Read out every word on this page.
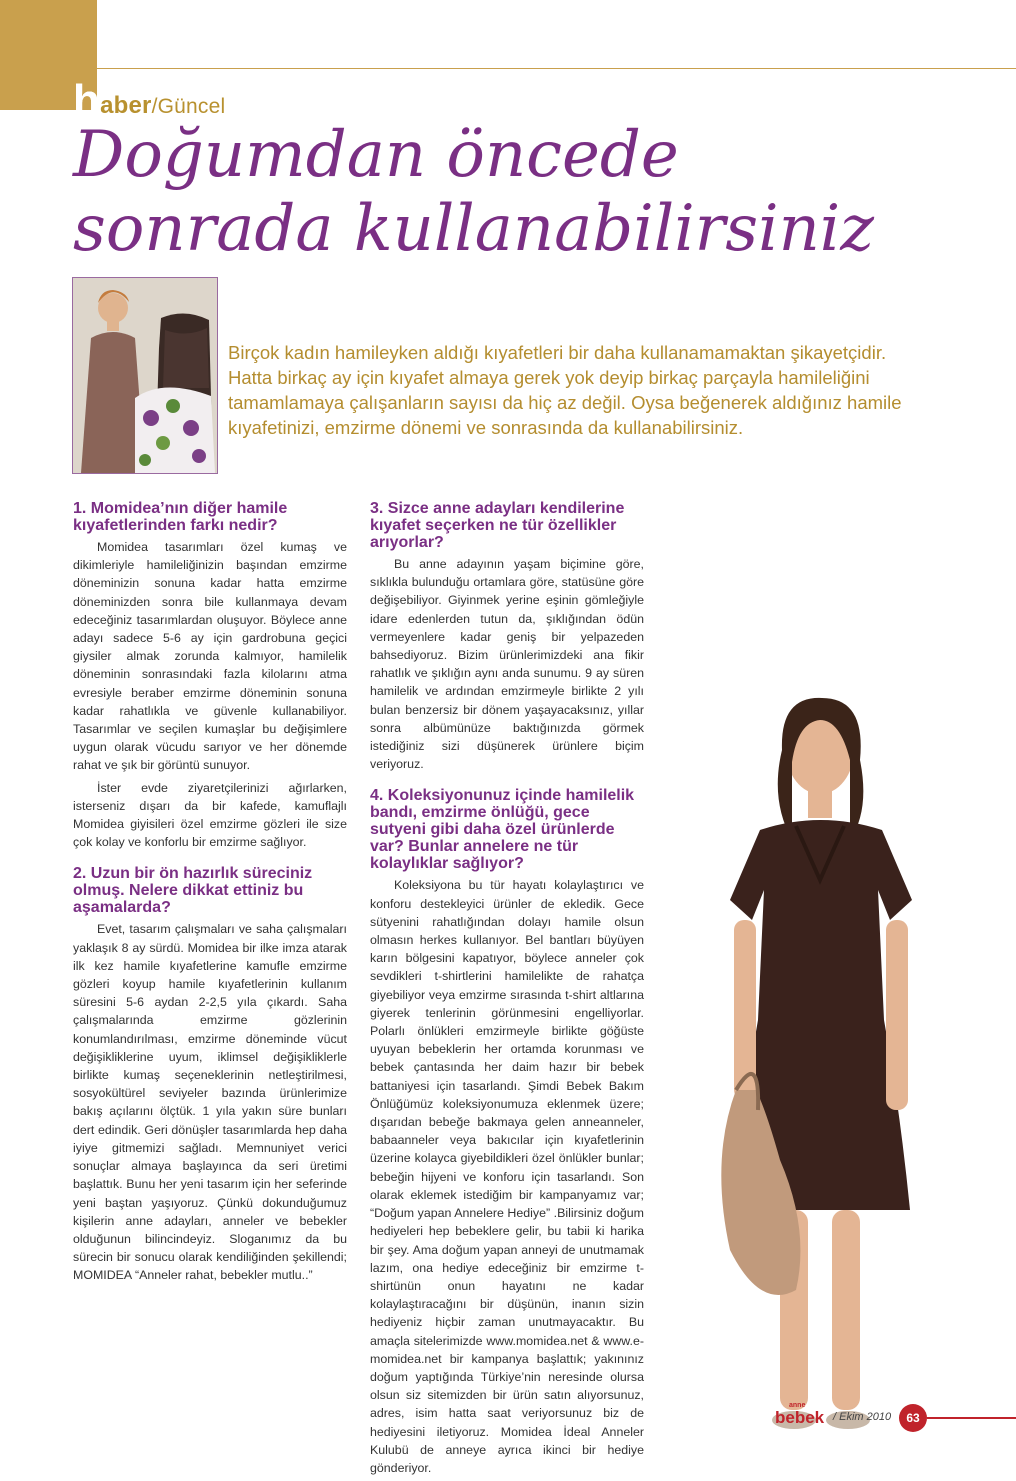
haber/Güncel
Doğumdan öncede
sonrada kullanabilirsiniz

Birçok kadın hamileyken aldığı kıyafetleri bir daha kullanamamaktan şikayetçidir. Hatta birkaç ay için kıyafet almaya gerek yok deyip birkaç parçayla hamileliğini tamamlamaya çalışanların sayısı da hiç az değil. Oysa beğenerek aldığınız hamile kıyafetinizi, emzirme dönemi ve sonrasında da kullanabilirsiniz.

1. Momidea’nın diğer hamile kıyafetlerinden farkı nedir?

Momidea tasarımları özel kumaş ve dikimleriyle hamileliğinizin başından emzirme döneminizin sonuna kadar hatta emzirme döneminizden sonra bile kullanmaya devam edeceğiniz tasarımlardan oluşuyor. Böylece anne adayı sadece 5-6 ay için gardrobuna geçici giysiler almak zorunda kalmıyor, hamilelik döneminin sonrasındaki fazla kilolarını atma evresiyle beraber emzirme döneminin sonuna kadar rahatlıkla ve güvenle kullanabiliyor. Tasarımlar ve seçilen kumaşlar bu değişimlere uygun olarak vücudu sarıyor ve her dönemde rahat ve şık bir görüntü sunuyor.

İster evde ziyaretçilerinizi ağırlarken, isterseniz dışarı da bir kafede, kamuflajlı Momidea giyisileri özel emzirme gözleri ile size çok kolay ve konforlu bir emzirme sağlıyor.

2. Uzun bir ön hazırlık süreciniz olmuş. Nelere dikkat ettiniz bu aşamalarda?

Evet, tasarım çalışmaları ve saha çalışmaları yaklaşık 8 ay sürdü. Momidea bir ilke imza atarak ilk kez hamile kıyafetlerine kamufle emzirme gözleri koyup hamile kıyafetlerinin kullanım süresini 5-6 aydan 2-2,5 yıla çıkardı. Saha çalışmalarında emzirme gözlerinin konumlandırılması, emzirme döneminde vücut değişikliklerine uyum, iklimsel değişikliklerle birlikte kumaş seçeneklerinin netleştirilmesi, sosyokültürel seviyeler bazında ürünlerimize bakış açılarını ölçtük. 1 yıla yakın süre bunları dert edindik. Geri dönüşler tasarımlarda hep daha iyiye gitmemizi sağladı. Memnuniyet verici sonuçlar almaya başlayınca da seri üretimi başlattık. Bunu her yeni tasarım için her seferinde yeni baştan yaşıyoruz. Çünkü dokunduğumuz kişilerin anne adayları, anneler ve bebekler olduğunun bilincindeyiz. Sloganımız da bu sürecin bir sonucu olarak kendiliğinden şekillendi; MOMIDEA “Anneler rahat, bebekler mutlu..”

3. Sizce anne adayları kendilerine kıyafet seçerken ne tür özellikler arıyorlar?

Bu anne adayının yaşam biçimine göre, sıklıkla bulunduğu ortamlara göre, statüsüne göre değişebiliyor. Giyinmek yerine eşinin gömleğiyle idare edenlerden tutun da, şıklığından ödün vermeyenlere kadar geniş bir yelpazeden bahsediyoruz. Bizim ürünlerimizdeki ana fikir rahatlık ve şıklığın aynı anda sunumu. 9 ay süren hamilelik ve ardından emzirmeyle birlikte 2 yılı bulan benzersiz bir dönem yaşayacaksınız, yıllar sonra albümünüze baktığınızda görmek istediğiniz sizi düşünerek ürünlere biçim veriyoruz.

4. Koleksiyonunuz içinde hamilelik bandı, emzirme önlüğü, gece sutyeni gibi daha özel ürünlerde var? Bunlar annelere ne tür kolaylıklar sağlıyor?

Koleksiyona bu tür hayatı kolaylaştırıcı ve konforu destekleyici ürünler de ekledik. Gece sütyenini rahatlığından dolayı hamile olsun olmasın herkes kullanıyor. Bel bantları büyüyen karın bölgesini kapatıyor, böylece anneler çok sevdikleri t-shirtlerini hamilelikte de rahatça giyebiliyor veya emzirme sırasında t-shirt altlarına giyerek tenlerinin görünmesini engelliyorlar. Polarlı önlükleri emzirmeyle birlikte göğüste uyuyan bebeklerin her ortamda korunması ve bebek çantasında her daim hazır bir bebek battaniyesi için tasarlandı. Şimdi Bebek Bakım Önlüğümüz koleksiyonumuza eklenmek üzere; dışarıdan bebeğe bakmaya gelen anneanneler, babaanneler veya bakıcılar için kıyafetlerinin üzerine kolayca giyebildikleri özel önlükler bunlar; bebeğin hijyeni ve konforu için tasarlandı. Son olarak eklemek istediğim bir kampanyamız var; “Doğum yapan Annelere Hediye” .Bilirsiniz doğum hediyeleri hep bebeklere gelir, bu tabii ki harika bir şey. Ama doğum yapan anneyi de unutmamak lazım, ona hediye edeceğiniz bir emzirme t-shirtünün onun hayatını ne kadar kolaylaştıracağını bir düşünün, inanın sizin hediyeniz hiçbir zaman unutmayacaktır. Bu amaçla sitelerimizde www.momidea.net & www.e-momidea.net bir kampanya başlattık; yakınınız doğum yaptığında Türkiye’nin neresinde olursa olsun siz sitemizden bir ürün satın alıyorsunuz, adres, isim hatta saat veriyorsunuz biz de hediyesini iletiyoruz. Momidea İdeal Anneler Kulubü de anneye ayrıca ikinci bir hediye gönderiyor.

anne
bebek / Ekim 2010	63
